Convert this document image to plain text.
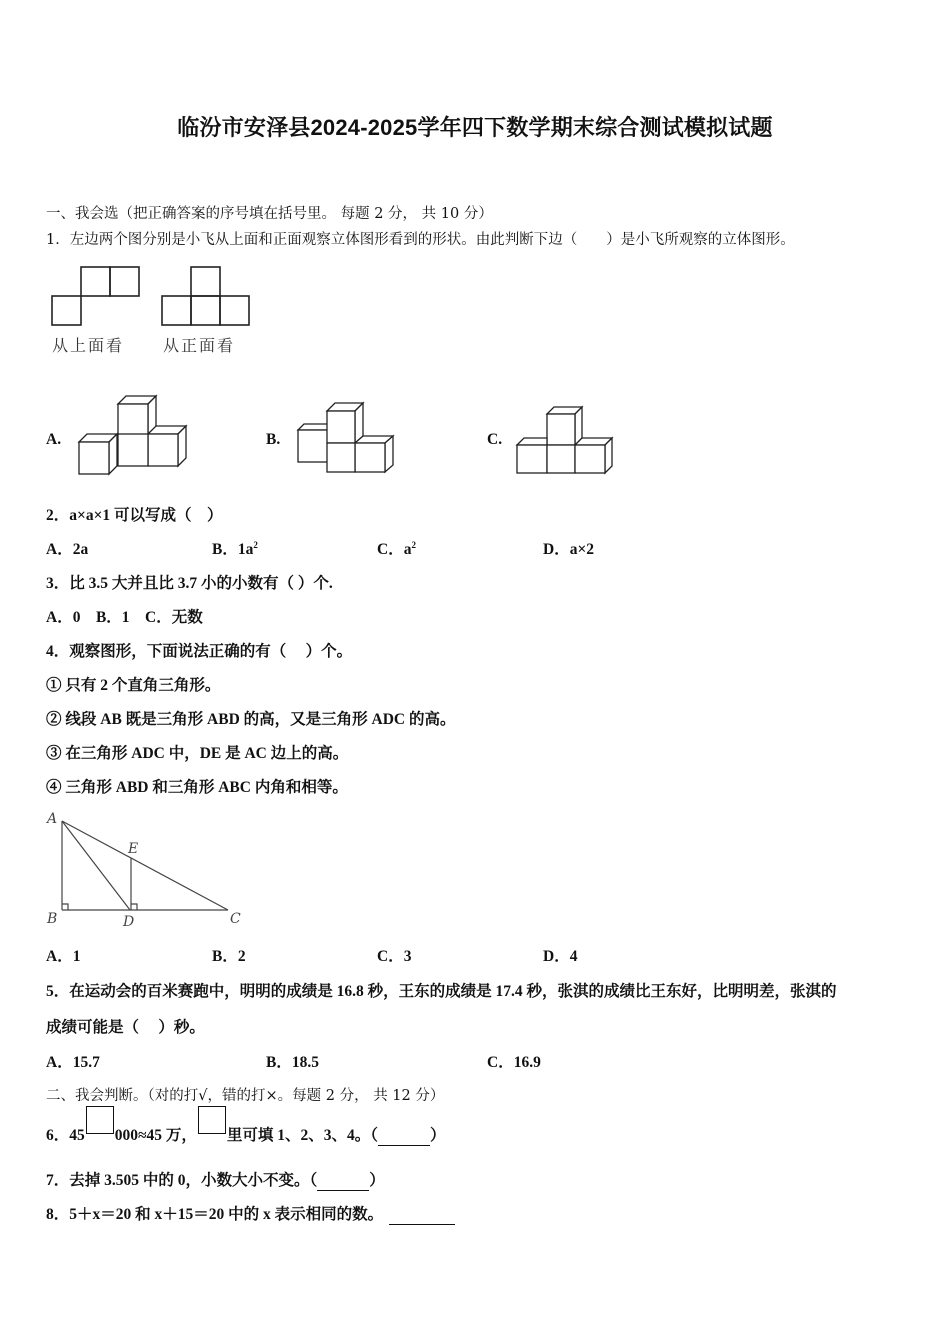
临汾市安泽县2024-2025学年四下数学期末综合测试模拟试题
一、我会选（把正确答案的序号填在括号里。 每题 2 分， 共 10 分）
1．左边两个图分别是小飞从上面和正面观察立体图形看到的形状。由此判断下边（　　）是小飞所观察的立体图形。
从上面看 从正面看
A.	B.	C.
2．a×a×1 可以写成（　）
A．2a	B．$1a^2$	C．$a^2$	D．a×2
3．比 3.5 大并且比 3.7 小的小数有（ ）个.
A．0　B．1　C．无数
4．观察图形，下面说法正确的有（　 ）个。
① 只有 2 个直角三角形。
② 线段 AB 既是三角形 ABD 的高，又是三角形 ADC 的高。
③ 在三角形 ADC 中，DE 是 AC 边上的高。
④ 三角形 ABD 和三角形 ABC 内角和相等。
A
B	C
D
E
A．1	B．2	C．3	D．4
5．在运动会的百米赛跑中，明明的成绩是 16.8 秒，王东的成绩是 17.4 秒，张淇的成绩比王东好，比明明差，张淇的
成绩可能是（　 ）秒。
A．15.7	B．18.5	C．16.9
二、我会判断。（对的打√，错的打×。每题 2 分， 共 12 分）
6．45 000≈45 万， 里可填 1、2、3、4。（	）
7．去掉 3.505 中的 0，小数大小不变。（	）
8．5＋x＝20 和 x＋15＝20 中的 x 表示相同的数。
